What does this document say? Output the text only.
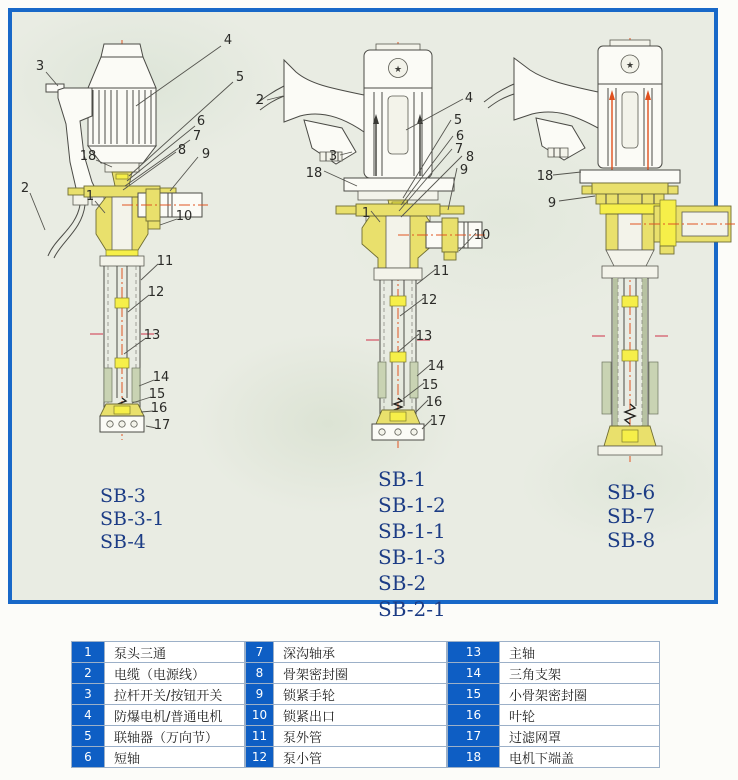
3
4
5
6
7
8 9
18
2
1
10
11
12
13
14
15
16
17
★
2	4
3
5
6
7
8
9
18
1
10
11
12
13
14
15
16
17
★
18
9
SB-3
SB-3-1
SB-4
SB-1
SB-1-2
SB-1-1
SB-1-3
SB-2
SB-2-1
SB-6
SB-7
SB-8
1	泵头三通
2	电缆（电源线）
3	拉杆开关/按钮开关
4	防爆电机/普通电机
5	联轴器（万向节）
6	短轴
7	深沟轴承
8	骨架密封圈
9	锁紧手轮
10	锁紧出口
11	泵外管
12	泵小管
13	主轴
14	三角支架
15	小骨架密封圈
16	叶轮
17	过滤网罩
18	电机下端盖
